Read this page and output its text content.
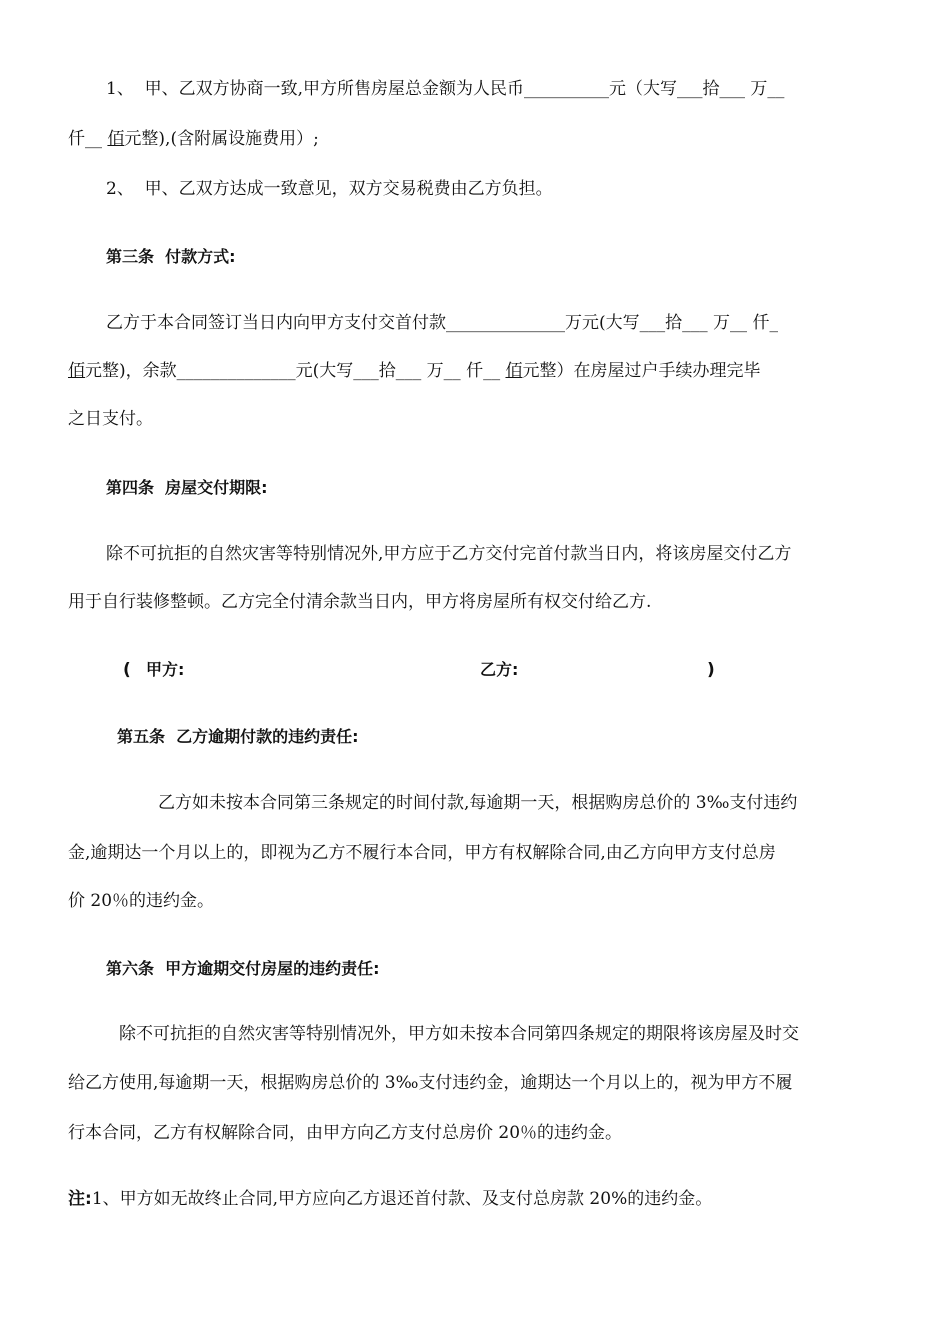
1、  甲、乙双方协商一致,甲方所售房屋总金额为人民币__________元（大写___拾___ 万__
仟__ 佰元整),(含附属设施费用）;
2、  甲、乙双方达成一致意见，双方交易税费由乙方负担。
第三条  付款方式:
乙方于本合同签订当日内向甲方支付交首付款______________万元(大写___拾___ 万__ 仟_
佰元整)，余款______________元(大写___拾___ 万__ 仟__ 佰元整）在房屋过户手续办理完毕
之日支付。
第四条  房屋交付期限:
除不可抗拒的自然灾害等特别情况外,甲方应于乙方交付完首付款当日内，将该房屋交付乙方
用于自行装修整顿。乙方完全付清余款当日内，甲方将房屋所有权交付给乙方.
( 甲方:	乙方:	)
第五条  乙方逾期付款的违约责任:
乙方如未按本合同第三条规定的时间付款,每逾期一天，根据购房总价的 3‰支付违约
金,逾期达一个月以上的，即视为乙方不履行本合同，甲方有权解除合同,由乙方向甲方支付总房
价 20％的违约金。
第六条  甲方逾期交付房屋的违约责任:
除不可抗拒的自然灾害等特别情况外，甲方如未按本合同第四条规定的期限将该房屋及时交
给乙方使用,每逾期一天，根据购房总价的 3‰支付违约金，逾期达一个月以上的，视为甲方不履
行本合同，乙方有权解除合同，由甲方向乙方支付总房价 20％的违约金。
注:1、甲方如无故终止合同,甲方应向乙方退还首付款、及支付总房款 20%的违约金。
